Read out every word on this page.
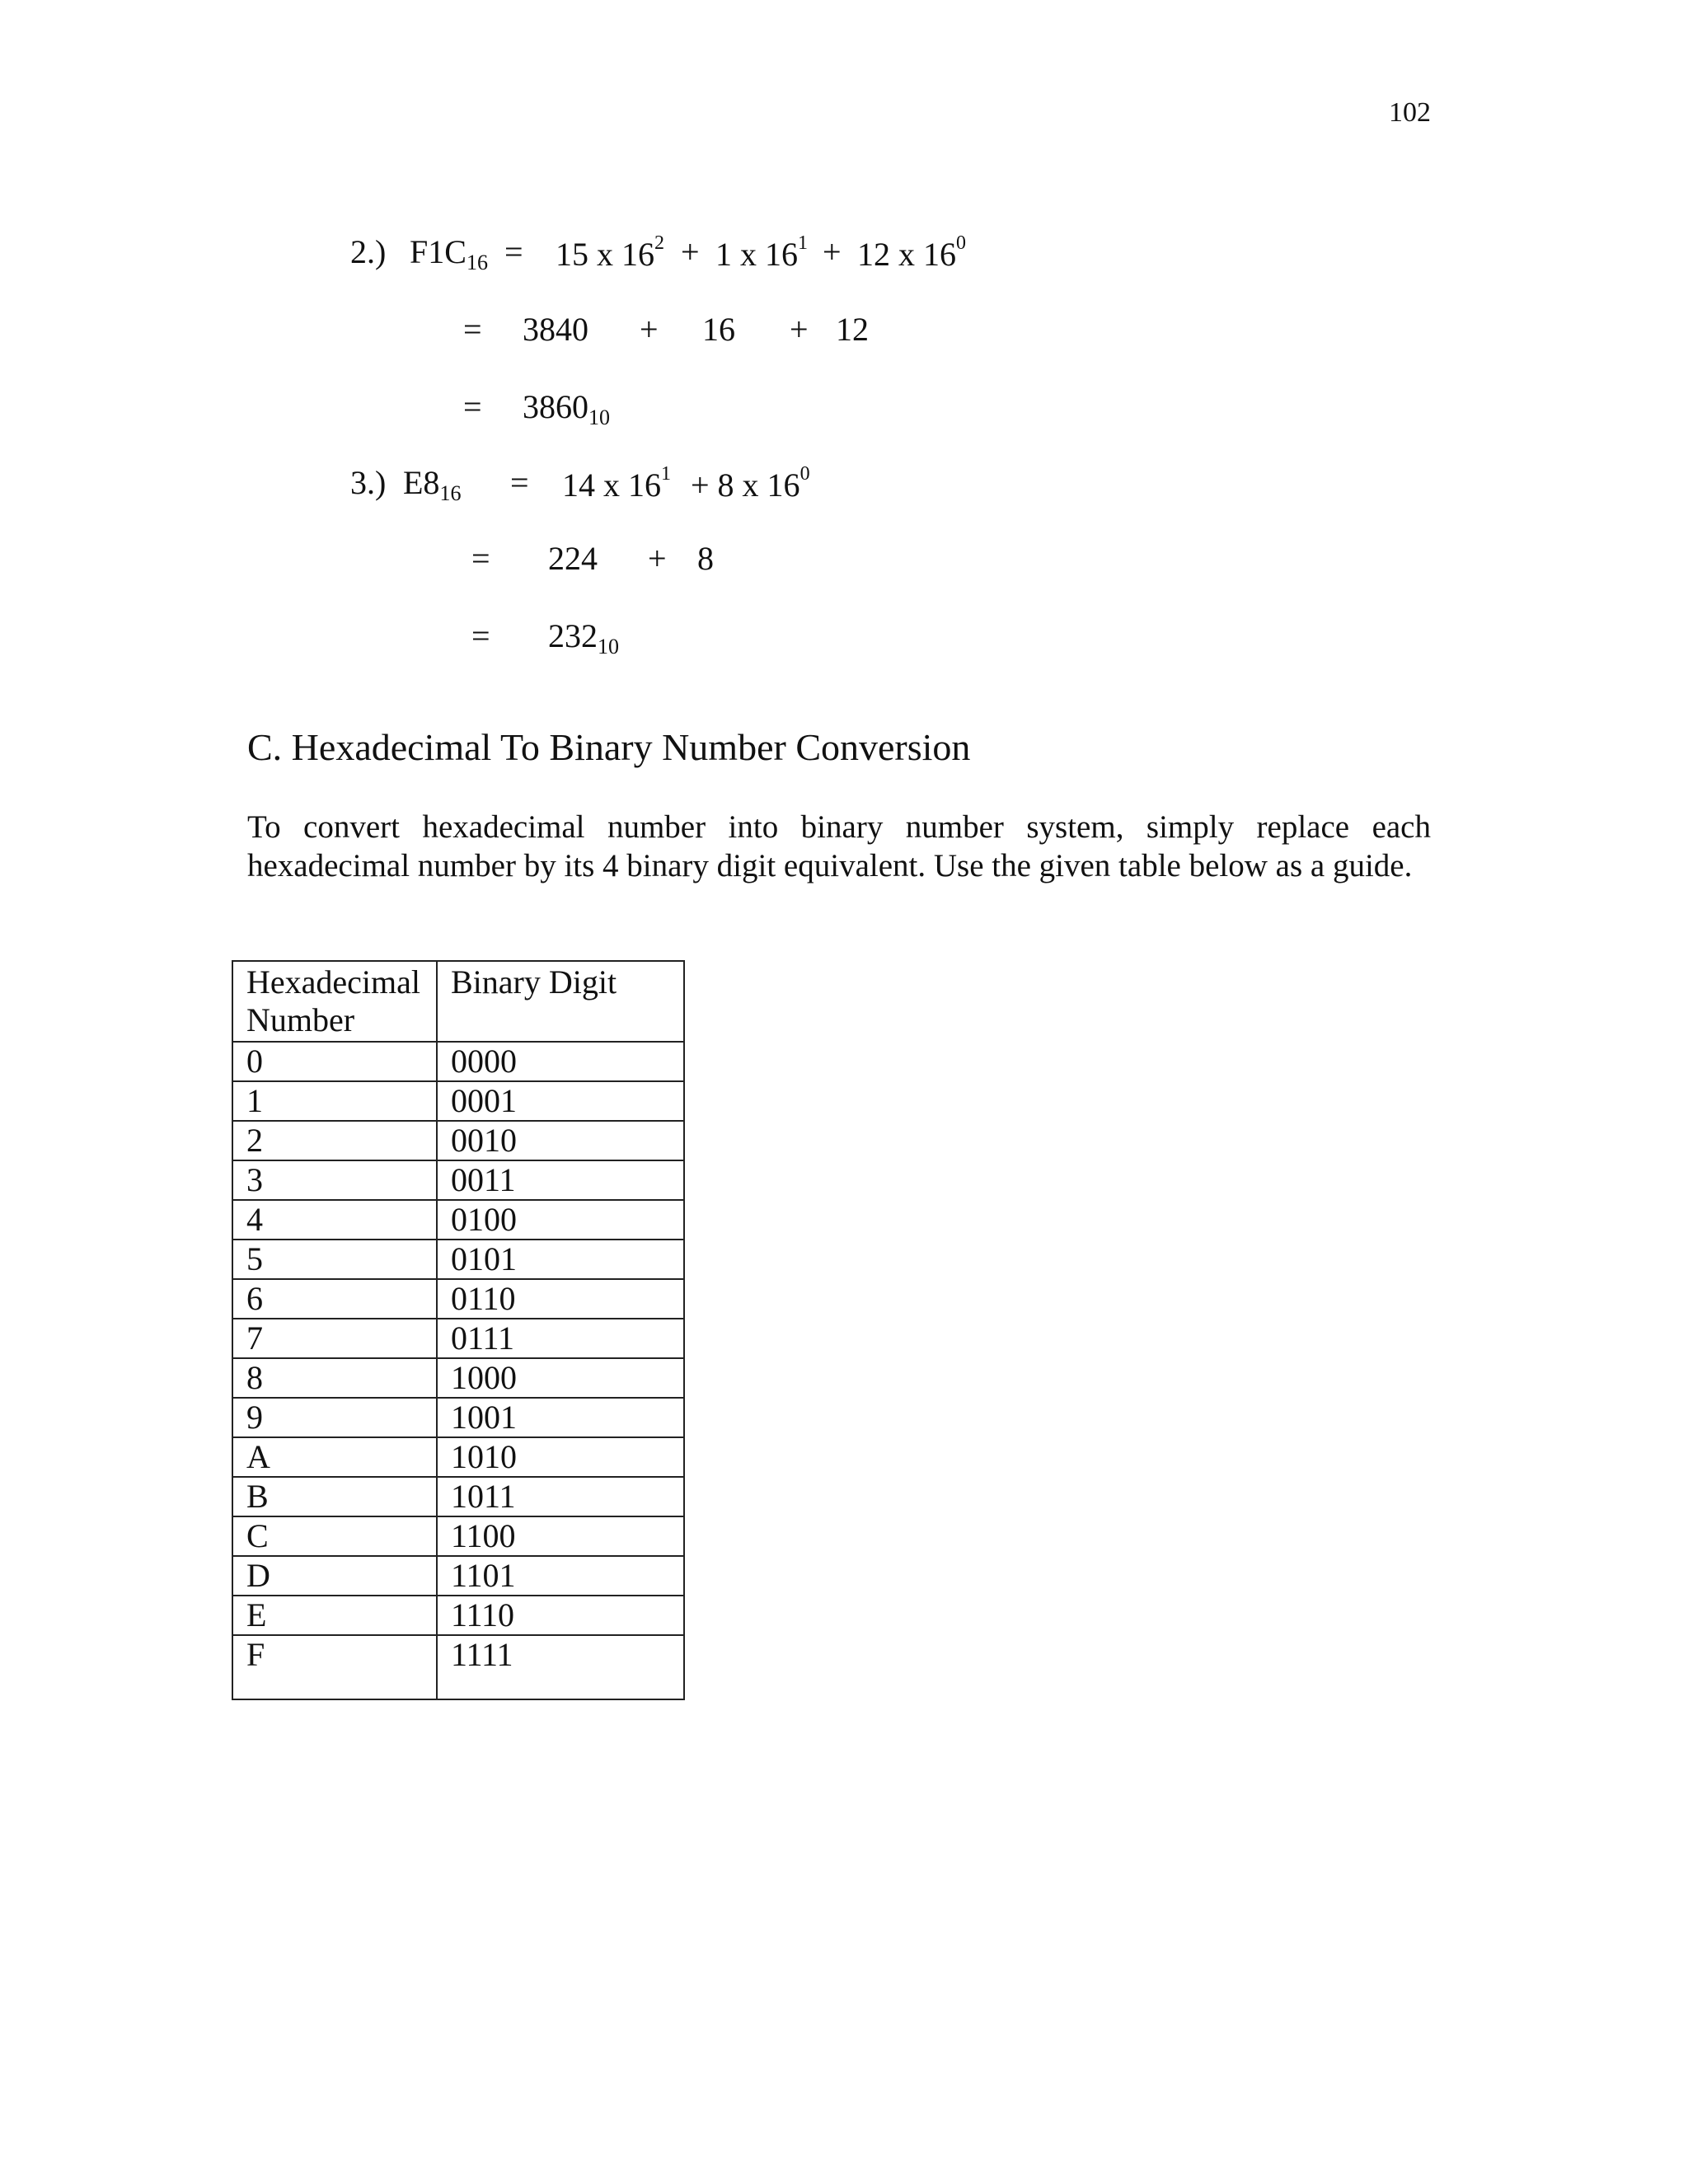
102
2.) $F1C_{16} = 15$ x $16^2 + 1$ x $16^1 + 12$ x $16^0$
= 3840 + 16 + 12
= $3860_{10}$
3.) $E8_{16} = 14$ x $16^1 + 8$ x $16^0$
= 224 + 8
= $232_{10}$
C. Hexadecimal To Binary Number Conversion

To convert hexadecimal number into binary number system, simply replace each hexadecimal number by its 4 binary digit equivalent. Use the given table below as a guide.

Hexadecimal Number	Binary Digit
0	0000
1	0001
2	0010
3	0011
4	0100
5	0101
6	0110
7	0111
8	1000
9	1001
A	1010
B	1011
C	1100
D	1101
E	1110
F	1111
